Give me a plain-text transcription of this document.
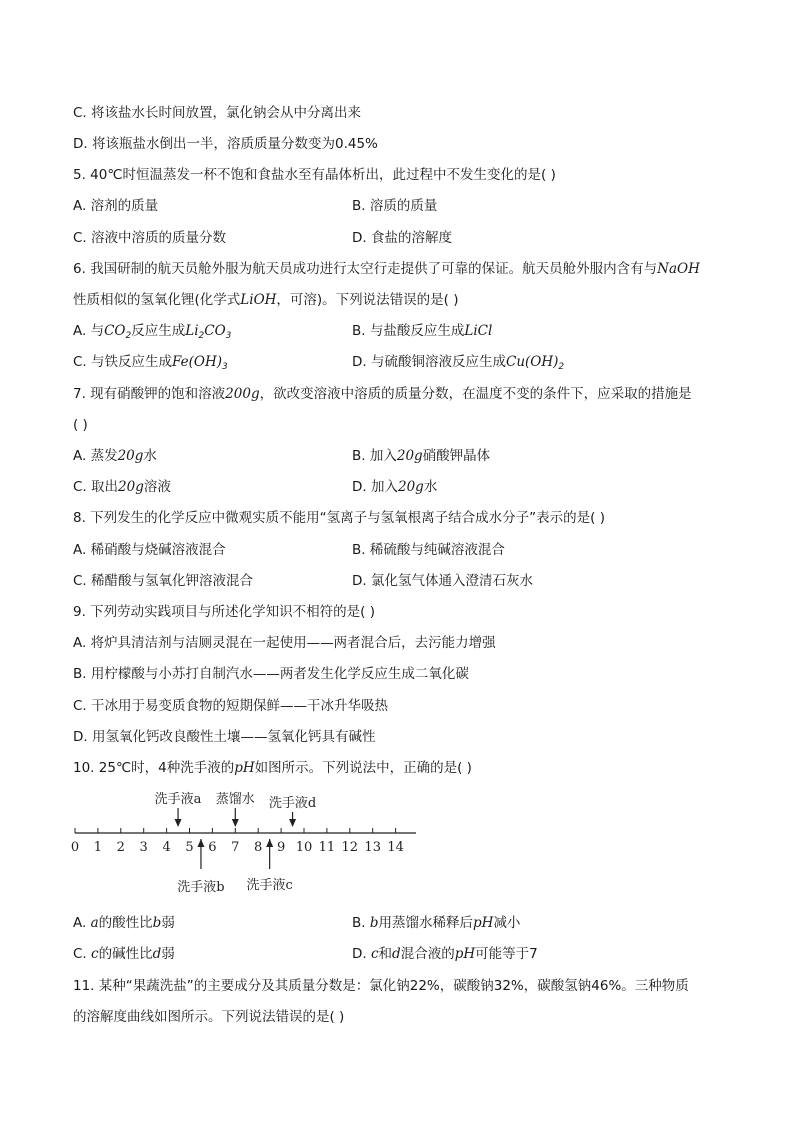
C. 将该盐水长时间放置，氯化钠会从中分离出来
D. 将该瓶盐水倒出一半，溶质质量分数变为0.45%
5. 40℃时恒温蒸发一杯不饱和食盐水至有晶体析出，此过程中不发生变化的是( )
A. 溶剂的质量	B. 溶质的质量
C. 溶液中溶质的质量分数	D. 食盐的溶解度
6. 我国研制的航天员舱外服为航天员成功进行太空行走提供了可靠的保证。航天员舱外服内含有与NaOH
性质相似的氢氧化锂(化学式LiOH，可溶)。下列说法错误的是( )
A. 与$CO_2$反应生成$Li_2CO_3$	B. 与盐酸反应生成LiCl
C. 与铁反应生成$Fe(OH)_3$	D. 与硫酸铜溶液反应生成$Cu(OH)_2$
7. 现有硝酸钾的饱和溶液200g，欲改变溶液中溶质的质量分数，在温度不变的条件下，应采取的措施是
( )
A. 蒸发20g水	B. 加入20g硝酸钾晶体
C. 取出20g溶液	D. 加入20g水
8. 下列发生的化学反应中微观实质不能用“氢离子与氢氧根离子结合成水分子”表示的是( )
A. 稀硝酸与烧碱溶液混合	B. 稀硫酸与纯碱溶液混合
C. 稀醋酸与氢氧化钾溶液混合	D. 氯化氢气体通入澄清石灰水
9. 下列劳动实践项目与所述化学知识不相符的是( )
A. 将炉具清洁剂与洁厕灵混在一起使用——两者混合后，去污能力增强
B. 用柠檬酸与小苏打自制汽水——两者发生化学反应生成二氧化碳
C. 干冰用于易变质食物的短期保鲜——干冰升华吸热
D. 用氢氧化钙改良酸性土壤——氢氧化钙具有碱性
10. 25℃时，4种洗手液的pH如图所示。下列说法中，正确的是( )
0 1 2 3 4 5 6 7 8 9 10 11 12 13 14
洗手液a 蒸馏水 洗手液d
洗手液b 洗手液c
A. a的酸性比b弱	B. b用蒸馏水稀释后pH减小
C. c的碱性比d弱	D. c和d混合液的pH可能等于7
11. 某种“果蔬洗盐”的主要成分及其质量分数是：氯化钠22%，碳酸钠32%，碳酸氢钠46%。三种物质
的溶解度曲线如图所示。下列说法错误的是( )
